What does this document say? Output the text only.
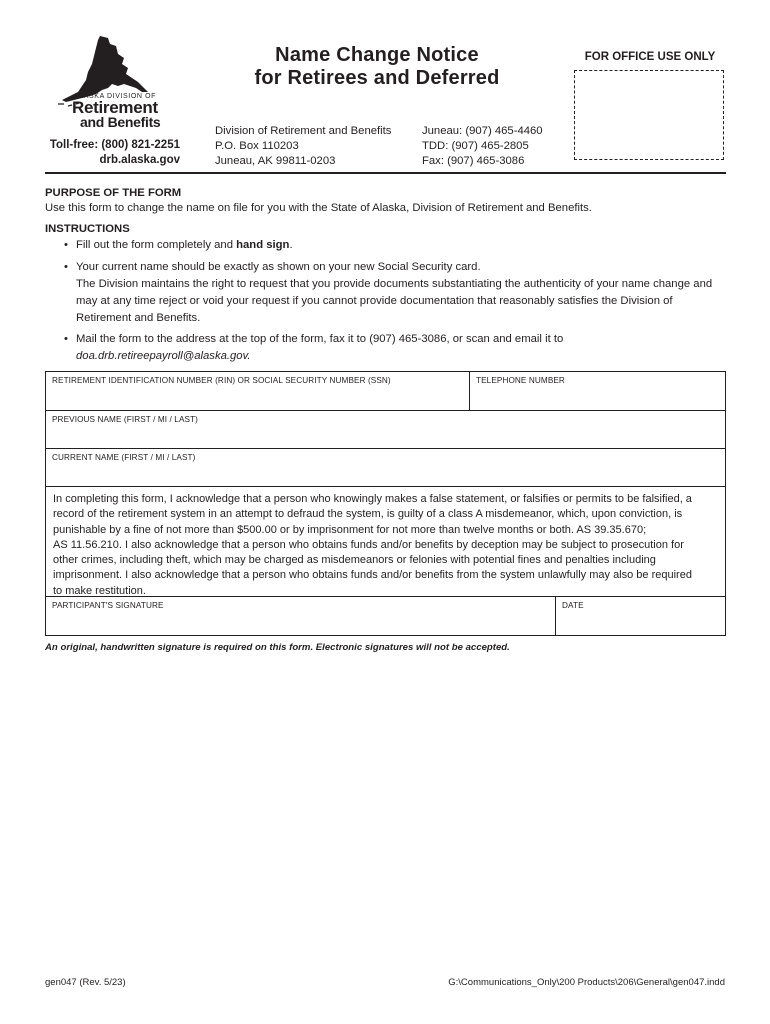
ALASKA DIVISION OF
Retirement
and Benefits
Toll-free: (800) 821-2251
drb.alaska.gov
Name Change Notice
for Retirees and Deferred
Division of Retirement and Benefits
P.O. Box 110203
Juneau, AK 99811-0203
Juneau: (907) 465-4460
TDD: (907) 465-2805
Fax: (907) 465-3086
FOR OFFICE USE ONLY
PURPOSE OF THE FORM
Use this form to change the name on file for you with the State of Alaska, Division of Retirement and Benefits.
INSTRUCTIONS
• Fill out the form completely and hand sign.
• Your current name should be exactly as shown on your new Social Security card.
The Division maintains the right to request that you provide documents substantiating the authenticity of your name change and
may at any time reject or void your request if you cannot provide documentation that reasonably satisfies the Division of
Retirement and Benefits.
• Mail the form to the address at the top of the form, fax it to (907) 465-3086, or scan and email it to
doa.drb.retireepayroll@alaska.gov.
RETIREMENT IDENTIFICATION NUMBER (RIN) OR SOCIAL SECURITY NUMBER (SSN)	TELEPHONE NUMBER
PREVIOUS NAME (FIRST / MI / LAST)
CURRENT NAME (FIRST / MI / LAST)
In completing this form, I acknowledge that a person who knowingly makes a false statement, or falsifies or permits to be falsified, a
record of the retirement system in an attempt to defraud the system, is guilty of a class A misdemeanor, which, upon conviction, is
punishable by a fine of not more than $500.00 or by imprisonment for not more than twelve months or both. AS 39.35.670;
AS 11.56.210. I also acknowledge that a person who obtains funds and/or benefits by deception may be subject to prosecution for
other crimes, including theft, which may be charged as misdemeanors or felonies with potential fines and penalties including
imprisonment. I also acknowledge that a person who obtains funds and/or benefits from the system unlawfully may also be required
to make restitution.
PARTICIPANT'S SIGNATURE	DATE
An original, handwritten signature is required on this form. Electronic signatures will not be accepted.
gen047 (Rev. 5/23)	G:\Communications_Only\200 Products\206\General\gen047.indd
